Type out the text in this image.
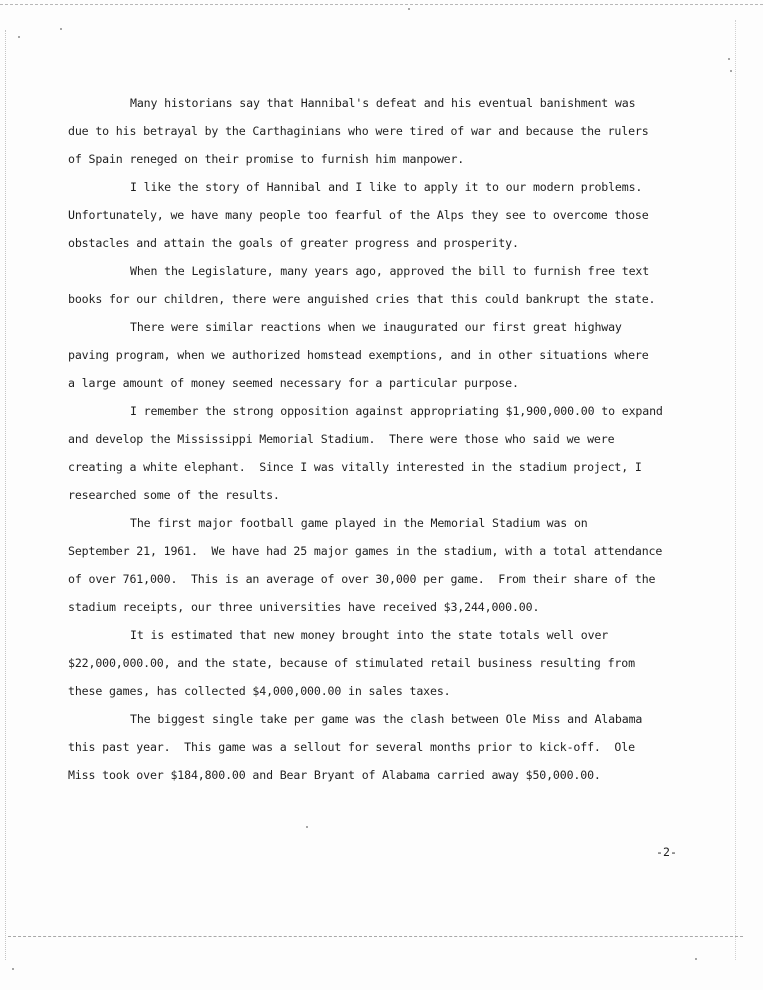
Many historians say that Hannibal's defeat and his eventual banishment was
due to his betrayal by the Carthaginians who were tired of war and because the rulers
of Spain reneged on their promise to furnish him manpower.
I like the story of Hannibal and I like to apply it to our modern problems.
Unfortunately, we have many people too fearful of the Alps they see to overcome those
obstacles and attain the goals of greater progress and prosperity.
When the Legislature, many years ago, approved the bill to furnish free text
books for our children, there were anguished cries that this could bankrupt the state.
There were similar reactions when we inaugurated our first great highway
paving program, when we authorized homstead exemptions, and in other situations where
a large amount of money seemed necessary for a particular purpose.
I remember the strong opposition against appropriating $1,900,000.00 to expand
and develop the Mississippi Memorial Stadium.  There were those who said we were
creating a white elephant.  Since I was vitally interested in the stadium project, I
researched some of the results.
The first major football game played in the Memorial Stadium was on
September 21, 1961.  We have had 25 major games in the stadium, with a total attendance
of over 761,000.  This is an average of over 30,000 per game.  From their share of the
stadium receipts, our three universities have received $3,244,000.00.
It is estimated that new money brought into the state totals well over
$22,000,000.00, and the state, because of stimulated retail business resulting from
these games, has collected $4,000,000.00 in sales taxes.
The biggest single take per game was the clash between Ole Miss and Alabama
this past year.  This game was a sellout for several months prior to kick-off.  Ole
Miss took over $184,800.00 and Bear Bryant of Alabama carried away $50,000.00.
-2-
